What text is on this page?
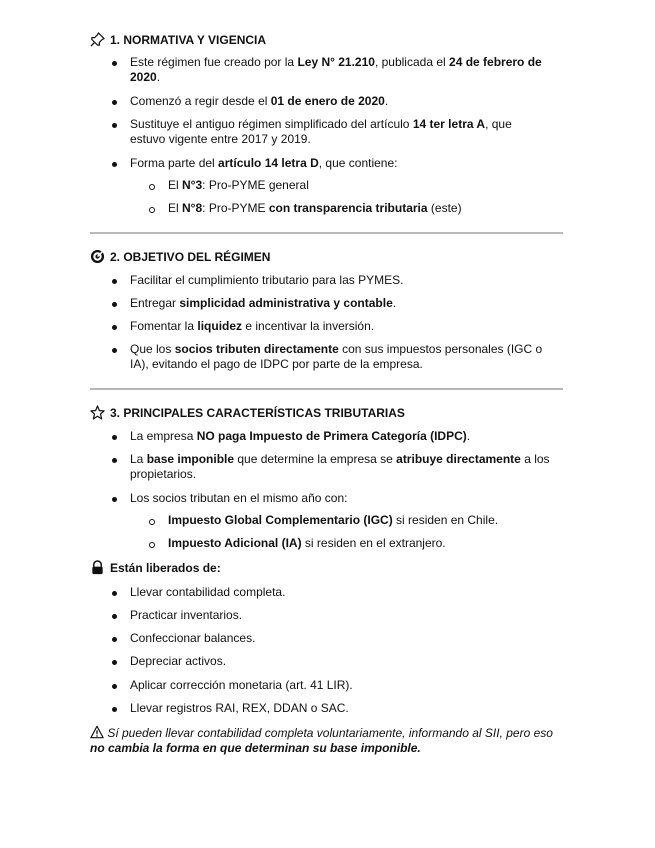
1. NORMATIVA Y VIGENCIA
Este régimen fue creado por la Ley N° 21.210, publicada el 24 de febrero de 2020.
Comenzó a regir desde el 01 de enero de 2020.
Sustituye el antiguo régimen simplificado del artículo 14 ter letra A, que estuvo vigente entre 2017 y 2019.
Forma parte del artículo 14 letra D, que contiene:
El N°3: Pro-PYME general
El N°8: Pro-PYME con transparencia tributaria (este)
2. OBJETIVO DEL RÉGIMEN
Facilitar el cumplimiento tributario para las PYMES.
Entregar simplicidad administrativa y contable.
Fomentar la liquidez e incentivar la inversión.
Que los socios tributen directamente con sus impuestos personales (IGC o IA), evitando el pago de IDPC por parte de la empresa.
3. PRINCIPALES CARACTERÍSTICAS TRIBUTARIAS
La empresa NO paga Impuesto de Primera Categoría (IDPC).
La base imponible que determine la empresa se atribuye directamente a los propietarios.
Los socios tributan en el mismo año con:
Impuesto Global Complementario (IGC) si residen en Chile.
Impuesto Adicional (IA) si residen en el extranjero.
Están liberados de:
Llevar contabilidad completa.
Practicar inventarios.
Confeccionar balances.
Depreciar activos.
Aplicar corrección monetaria (art. 41 LIR).
Llevar registros RAI, REX, DDAN o SAC.
Sí pueden llevar contabilidad completa voluntariamente, informando al SII, pero eso no cambia la forma en que determinan su base imponible.
